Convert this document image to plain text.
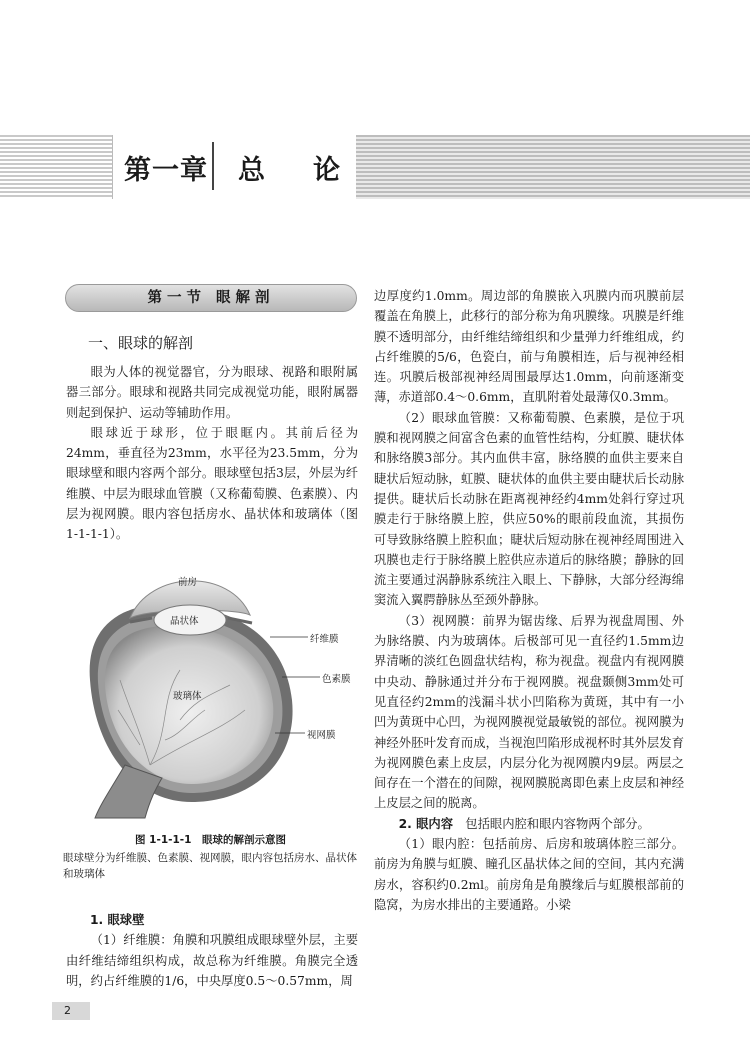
第一章 总论
第一节 眼解剖
一、眼球的解剖

眼为人体的视觉器官，分为眼球、视路和眼附属器三部分。眼球和视路共同完成视觉功能，眼附属器则起到保护、运动等辅助作用。

眼球近于球形，位于眼眶内。其前后径为24mm，垂直径为23mm，水平径为23.5mm，分为眼球壁和眼内容两个部分。眼球壁包括3层，外层为纤维膜、中层为眼球血管膜（又称葡萄膜、色素膜）、内层为视网膜。眼内容包括房水、晶状体和玻璃体（图1-1-1-1）。

前房
晶状体
纤维膜
色素膜
玻璃体
视网膜
图 1-1-1-1　眼球的解剖示意图
眼球壁分为纤维膜、色素膜、视网膜，眼内容包括房水、晶状体和玻璃体

1. 眼球壁

（1）纤维膜：角膜和巩膜组成眼球壁外层，主要由纤维结缔组织构成，故总称为纤维膜。角膜完全透明，约占纤维膜的1/6，中央厚度0.5～0.57mm，周

边厚度约1.0mm。周边部的角膜嵌入巩膜内而巩膜前层覆盖在角膜上，此移行的部分称为角巩膜缘。巩膜是纤维膜不透明部分，由纤维结缔组织和少量弹力纤维组成，约占纤维膜的5/6，色瓷白，前与角膜相连，后与视神经相连。巩膜后极部视神经周围最厚达1.0mm，向前逐渐变薄，赤道部0.4～0.6mm，直肌附着处最薄仅0.3mm。

（2）眼球血管膜：又称葡萄膜、色素膜，是位于巩膜和视网膜之间富含色素的血管性结构，分虹膜、睫状体和脉络膜3部分。其内血供丰富，脉络膜的血供主要来自睫状后短动脉，虹膜、睫状体的血供主要由睫状后长动脉提供。睫状后长动脉在距离视神经约4mm处斜行穿过巩膜走行于脉络膜上腔，供应50%的眼前段血流，其损伤可导致脉络膜上腔积血；睫状后短动脉在视神经周围进入巩膜也走行于脉络膜上腔供应赤道后的脉络膜；静脉的回流主要通过涡静脉系统注入眼上、下静脉，大部分经海绵窦流入翼腭静脉丛至颈外静脉。

（3）视网膜：前界为锯齿缘、后界为视盘周围、外为脉络膜、内为玻璃体。后极部可见一直径约1.5mm边界清晰的淡红色圆盘状结构，称为视盘。视盘内有视网膜中央动、静脉通过并分布于视网膜。视盘颞侧3mm处可见直径约2mm的浅漏斗状小凹陷称为黄斑，其中有一小凹为黄斑中心凹，为视网膜视觉最敏锐的部位。视网膜为神经外胚叶发育而成，当视泡凹陷形成视杯时其外层发育为视网膜色素上皮层，内层分化为视网膜内9层。两层之间存在一个潜在的间隙，视网膜脱离即色素上皮层和神经上皮层之间的脱离。

2. 眼内容　包括眼内腔和眼内容物两个部分。

（1）眼内腔：包括前房、后房和玻璃体腔三部分。前房为角膜与虹膜、瞳孔区晶状体之间的空间，其内充满房水，容积约0.2ml。前房角是角膜缘后与虹膜根部前的隐窝，为房水排出的主要通路。小梁

2
